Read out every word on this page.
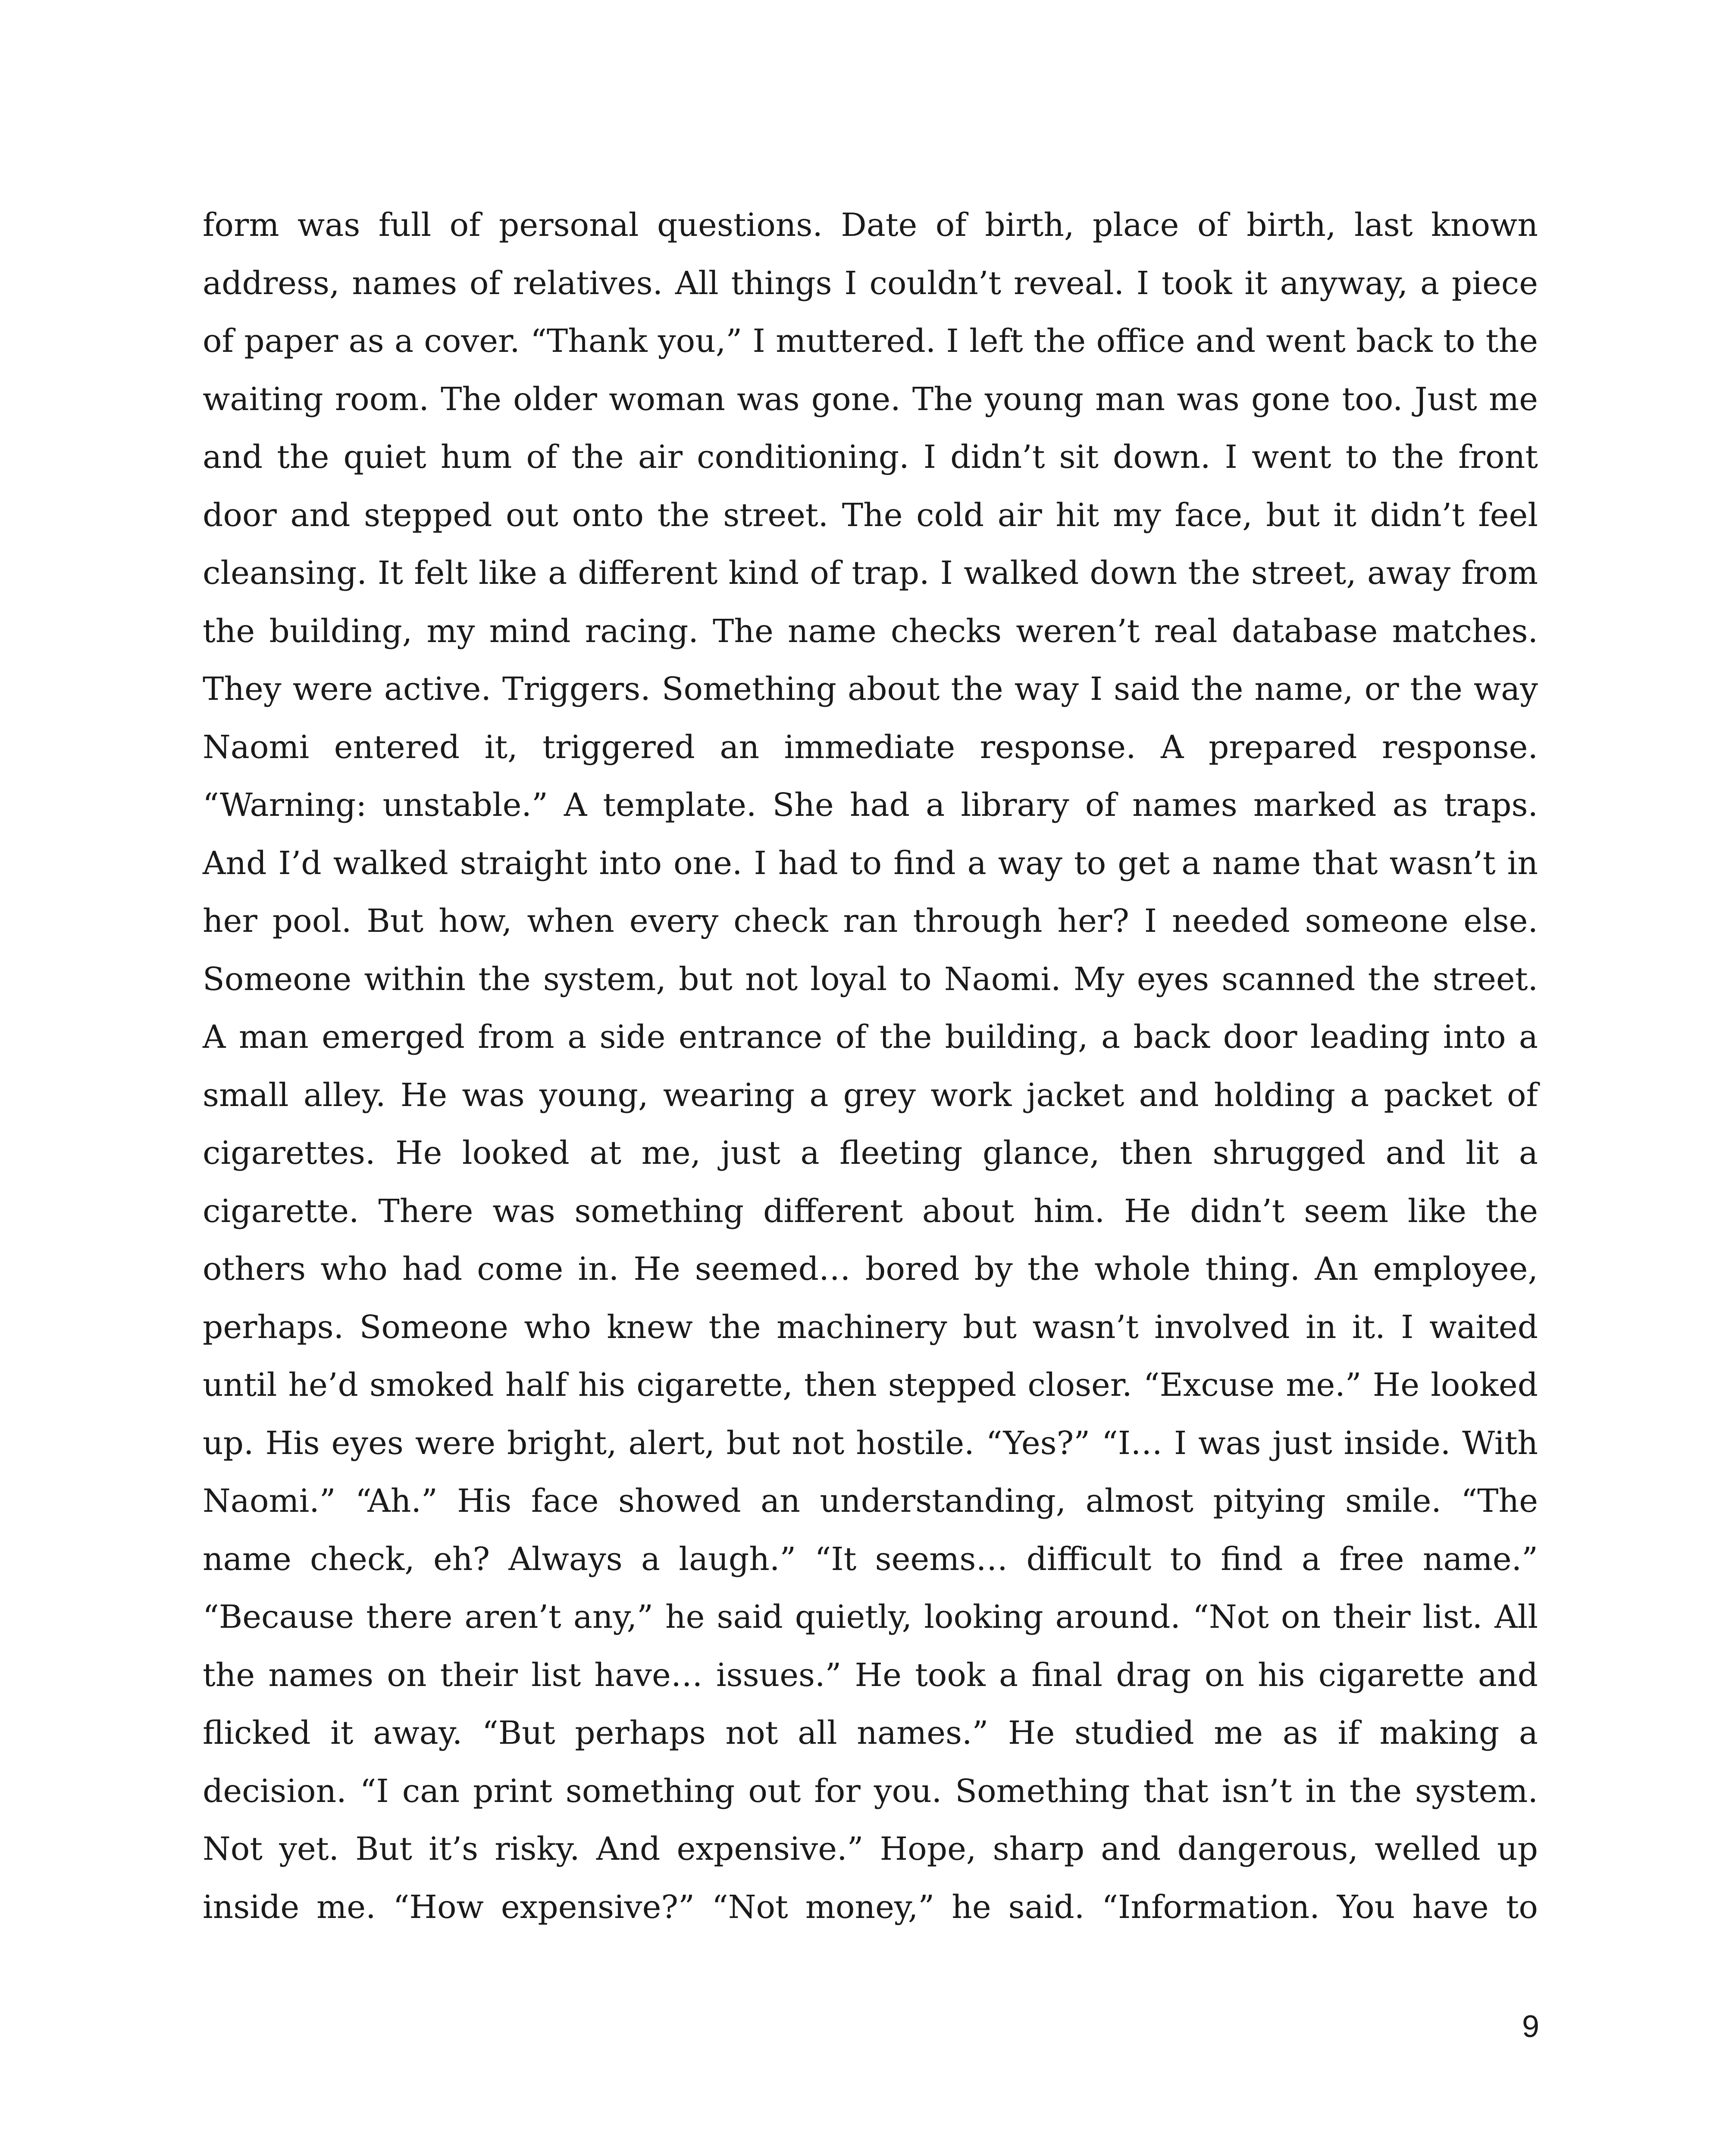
form was full of personal questions. Date of birth, place of birth, last known
address, names of relatives. All things I couldn’t reveal. I took it anyway, a piece
of paper as a cover. “Thank you,” I muttered. I left the office and went back to the
waiting room. The older woman was gone. The young man was gone too. Just me
and the quiet hum of the air conditioning. I didn’t sit down. I went to the front
door and stepped out onto the street. The cold air hit my face, but it didn’t feel
cleansing. It felt like a different kind of trap. I walked down the street, away from
the building, my mind racing. The name checks weren’t real database matches.
They were active. Triggers. Something about the way I said the name, or the way
Naomi entered it, triggered an immediate response. A prepared response.
“Warning: unstable.” A template. She had a library of names marked as traps.
And I’d walked straight into one. I had to find a way to get a name that wasn’t in
her pool. But how, when every check ran through her? I needed someone else.
Someone within the system, but not loyal to Naomi. My eyes scanned the street.
A man emerged from a side entrance of the building, a back door leading into a
small alley. He was young, wearing a grey work jacket and holding a packet of
cigarettes. He looked at me, just a fleeting glance, then shrugged and lit a
cigarette. There was something different about him. He didn’t seem like the
others who had come in. He seemed… bored by the whole thing. An employee,
perhaps. Someone who knew the machinery but wasn’t involved in it. I waited
until he’d smoked half his cigarette, then stepped closer. “Excuse me.” He looked
up. His eyes were bright, alert, but not hostile. “Yes?” “I… I was just inside. With
Naomi.” “Ah.” His face showed an understanding, almost pitying smile. “The
name check, eh? Always a laugh.” “It seems… difficult to find a free name.”
“Because there aren’t any,” he said quietly, looking around. “Not on their list. All
the names on their list have… issues.” He took a final drag on his cigarette and
flicked it away. “But perhaps not all names.” He studied me as if making a
decision. “I can print something out for you. Something that isn’t in the system.
Not yet. But it’s risky. And expensive.” Hope, sharp and dangerous, welled up
inside me. “How expensive?” “Not money,” he said. “Information. You have to
9
